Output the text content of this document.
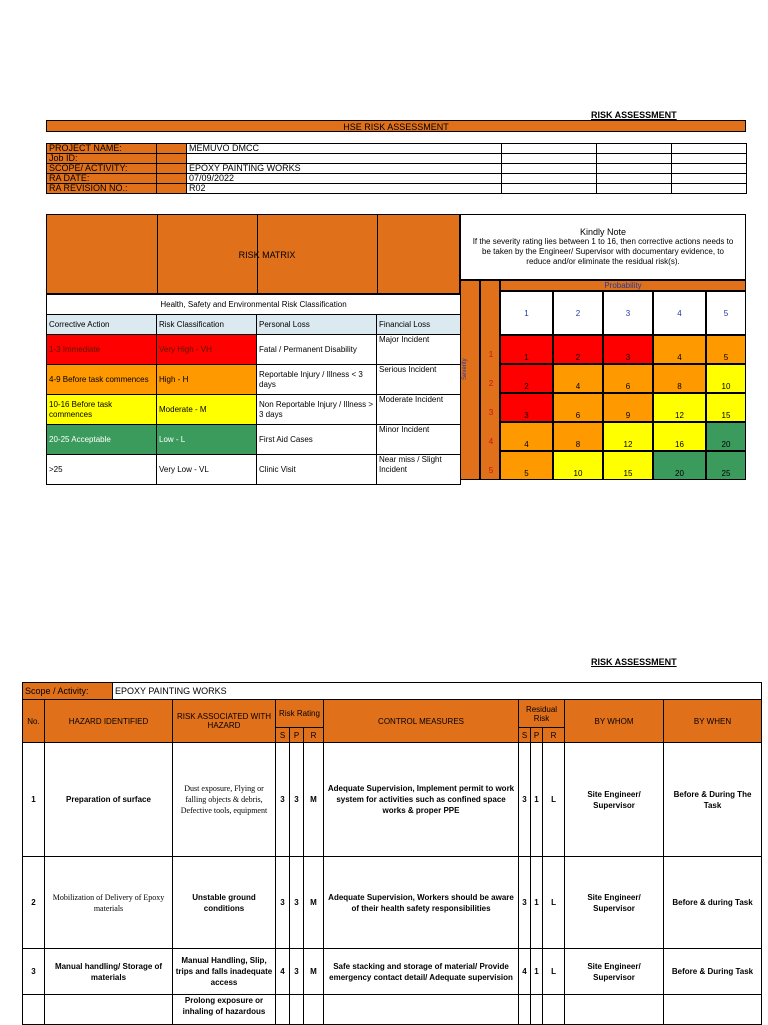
RISK ASSESSMENT
HSE RISK ASSESSMENT
PROJECT NAME:		MEMUVO DMCC			
Job ID:					
SCOPE/ ACTIVITY:		EPOXY PAINTING WORKS			
RA DATE:		07/09/2022			
RA REVISION NO.:		R02			
RISK MATRIX
Kindly Note
If the severity rating lies between 1 to 16, then corrective actions needs to be taken by the Engineer/ Supervisor with documentary evidence, to reduce and/or eliminate the residual risk(s).
Health, Safety and Environmental Risk Classification			
Corrective Action	Risk Classification	Personal Loss	Financial Loss
1-3 Immediate	Very High - VH	Fatal / Permanent Disability	Major Incident
4-9 Before task commences	High - H	Reportable Injury / Illness < 3 days	Serious Incident
10-16 Before task commences	Moderate - M	Non Reportable Injury / Illness > 3 days	Moderate Incident
20-25 Acceptable	Low - L	First Aid Cases	Minor Incident
>25	Very Low - VL	Clinic Visit	Near miss / Slight Incident
Probability
Severity
1	2	3	4	5
1	1	2	3	4	5
2	2	4	6	8	10
3	3	6	9	12	15
4	4	8	12	16	20
5	5	10	15	20	25
RISK ASSESSMENT
Scope / Activity:	EPOXY PAINTING WORKS
No.	HAZARD IDENTIFIED	RISK ASSOCIATED WITH HAZARD	Risk Rating			CONTROL MEASURES	Residual Risk			BY WHOM	BY WHEN
			S	P	R		S	P	R		
1	Preparation of surface	Dust exposure, Flying or falling objects & debris, Defective tools, equipment	3	3	M	Adequate Supervision, Implement permit to work system for activities such as confined space works & proper PPE	3	1	L	Site Engineer/ Supervisor	Before & During The Task
2	Mobilization of Delivery of Epoxy materials	Unstable ground conditions	3	3	M	Adequate Supervision, Workers should be aware of their health safety responsibilities	3	1	L	Site Engineer/ Supervisor	Before & during Task
3	Manual handling/ Storage of materials	Manual Handling, Slip, trips and falls inadequate access	4	3	M	Safe stacking and storage of material/ Provide emergency contact detail/ Adequate supervision	4	1	L	Site Engineer/ Supervisor	Before & During Task
		Prolong exposure or inhaling of hazardous									
